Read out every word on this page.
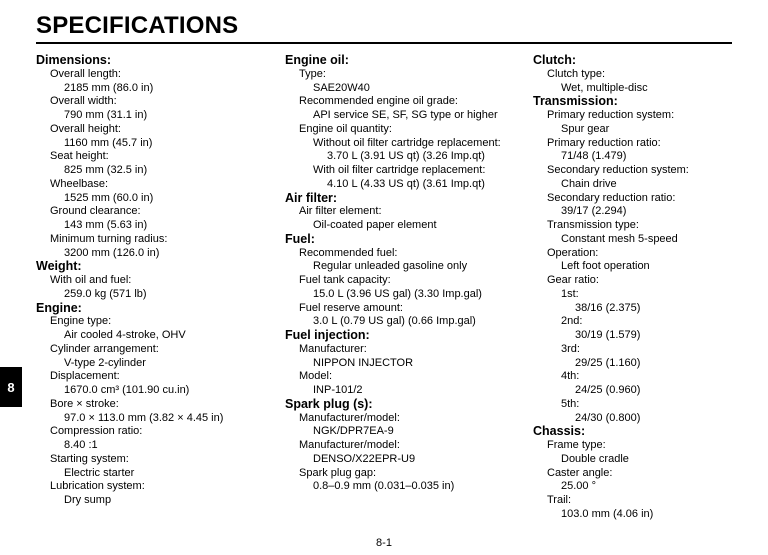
SPECIFICATIONS
Dimensions:
Overall length:
2185 mm (86.0 in)
Overall width:
790 mm (31.1 in)
Overall height:
1160 mm (45.7 in)
Seat height:
825 mm (32.5 in)
Wheelbase:
1525 mm (60.0 in)
Ground clearance:
143 mm (5.63 in)
Minimum turning radius:
3200 mm (126.0 in)
Weight:
With oil and fuel:
259.0 kg (571 lb)
Engine:
Engine type:
Air cooled 4-stroke, OHV
Cylinder arrangement:
V-type 2-cylinder
Displacement:
1670.0 cm³ (101.90 cu.in)
Bore × stroke:
97.0 × 113.0 mm (3.82 × 4.45 in)
Compression ratio:
8.40 :1
Starting system:
Electric starter
Lubrication system:
Dry sump
Engine oil:
Type:
SAE20W40
Recommended engine oil grade:
API service SE, SF, SG type or higher
Engine oil quantity:
Without oil filter cartridge replacement:
3.70 L (3.91 US qt) (3.26 Imp.qt)
With oil filter cartridge replacement:
4.10 L (4.33 US qt) (3.61 Imp.qt)
Air filter:
Air filter element:
Oil-coated paper element
Fuel:
Recommended fuel:
Regular unleaded gasoline only
Fuel tank capacity:
15.0 L (3.96 US gal) (3.30 Imp.gal)
Fuel reserve amount:
3.0 L (0.79 US gal) (0.66 Imp.gal)
Fuel injection:
Manufacturer:
NIPPON INJECTOR
Model:
INP-101/2
Spark plug (s):
Manufacturer/model:
NGK/DPR7EA-9
Manufacturer/model:
DENSO/X22EPR-U9
Spark plug gap:
0.8–0.9 mm (0.031–0.035 in)
Clutch:
Clutch type:
Wet, multiple-disc
Transmission:
Primary reduction system:
Spur gear
Primary reduction ratio:
71/48 (1.479)
Secondary reduction system:
Chain drive
Secondary reduction ratio:
39/17 (2.294)
Transmission type:
Constant mesh 5-speed
Operation:
Left foot operation
Gear ratio:
1st:
38/16 (2.375)
2nd:
30/19 (1.579)
3rd:
29/25 (1.160)
4th:
24/25 (0.960)
5th:
24/30 (0.800)
Chassis:
Frame type:
Double cradle
Caster angle:
25.00 °
Trail:
103.0 mm (4.06 in)
8
8-1
